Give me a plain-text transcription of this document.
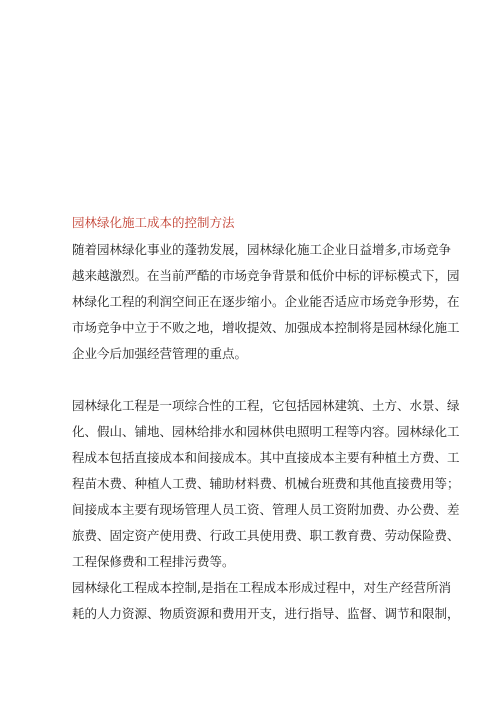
园林绿化施工成本的控制方法
随着园林绿化事业的蓬勃发展，园林绿化施工企业日益增多,市场竞争
越来越激烈。在当前严酷的市场竞争背景和低价中标的评标模式下，园
林绿化工程的利润空间正在逐步缩小。企业能否适应市场竞争形势，在
市场竞争中立于不败之地，增收提效、加强成本控制将是园林绿化施工
企业今后加强经营管理的重点。
园林绿化工程是一项综合性的工程，它包括园林建筑、土方、水景、绿
化、假山、铺地、园林给排水和园林供电照明工程等内容。园林绿化工
程成本包括直接成本和间接成本。其中直接成本主要有种植土方费、工
程苗木费、种植人工费、辅助材料费、机械台班费和其他直接费用等；
间接成本主要有现场管理人员工资、管理人员工资附加费、办公费、差
旅费、固定资产使用费、行政工具使用费、职工教育费、劳动保险费、
工程保修费和工程排污费等。
园林绿化工程成本控制,是指在工程成本形成过程中，对生产经营所消
耗的人力资源、物质资源和费用开支，进行指导、监督、调节和限制，
